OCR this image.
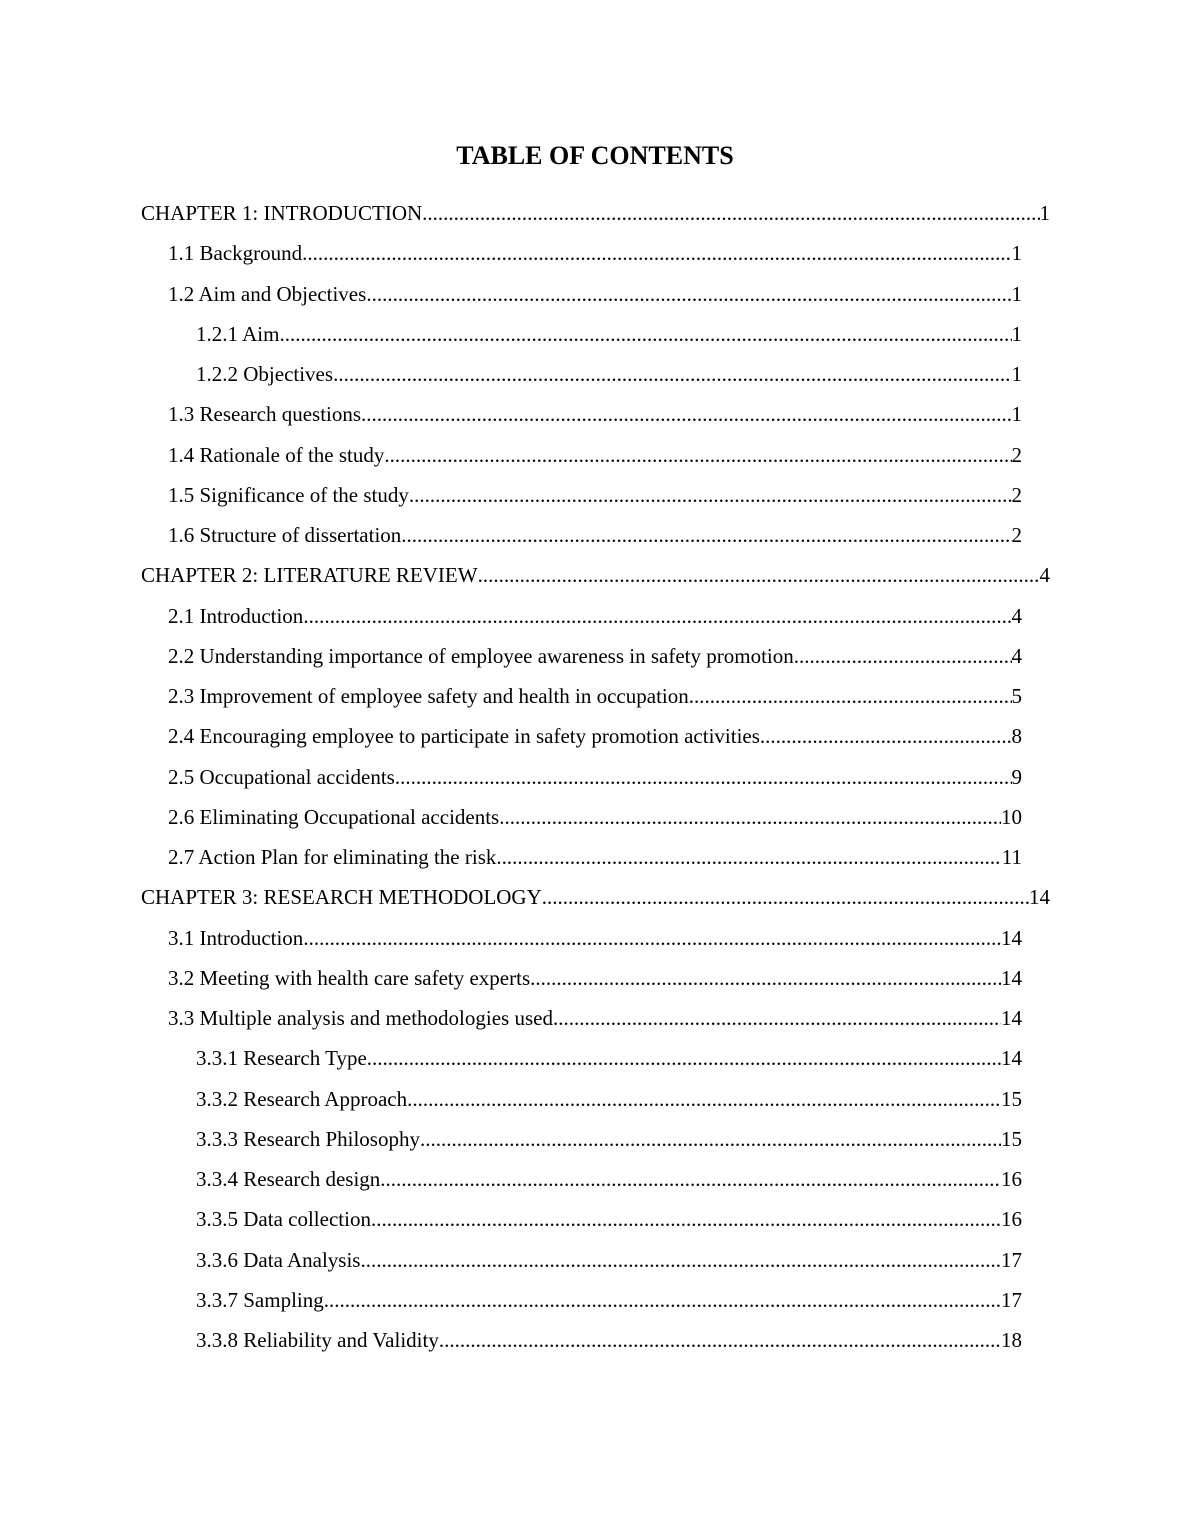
TABLE OF CONTENTS
CHAPTER 1: INTRODUCTION .....	1
1.1 Background .....	1
1.2 Aim and Objectives .....	1
1.2.1 Aim .....	1
1.2.2 Objectives .....	1
1.3 Research questions .....	1
1.4 Rationale of the study .....	2
1.5 Significance of the study .....	2
1.6 Structure of dissertation .....	2
CHAPTER 2: LITERATURE REVIEW .....	4
2.1 Introduction .....	4
2.2 Understanding importance of employee awareness in safety promotion .....	4
2.3 Improvement of employee safety and health in occupation .....	5
2.4 Encouraging employee to participate in safety promotion activities .....	8
2.5 Occupational accidents .....	9
2.6 Eliminating Occupational accidents .....	10
2.7 Action Plan for eliminating the risk .....	11
CHAPTER 3: RESEARCH METHODOLOGY .....	14
3.1 Introduction .....	14
3.2 Meeting with health care safety experts .....	14
3.3 Multiple analysis and methodologies used .....	14
3.3.1 Research Type .....	14
3.3.2 Research Approach .....	15
3.3.3 Research Philosophy .....	15
3.3.4 Research design .....	16
3.3.5 Data collection .....	16
3.3.6 Data Analysis .....	17
3.3.7 Sampling .....	17
3.3.8 Reliability and Validity .....	18
